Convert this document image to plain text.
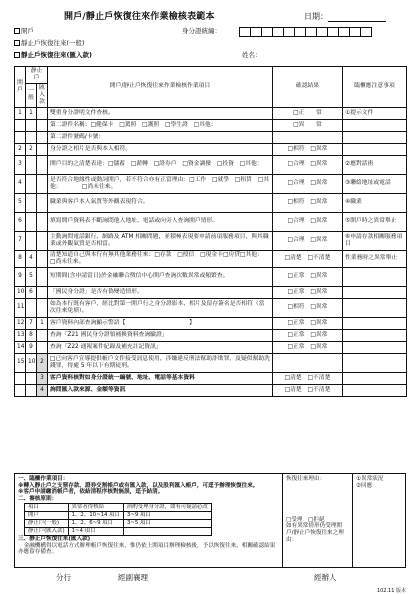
開戶/靜止戶恢復往來作業檢核表範本	日期：
開戶	身分證統編：
靜止戶恢復往來(一般)
靜止戶恢復往來(匯入款)	姓名：
開戶	靜止戶		開戶/靜止戶恢復往來作業檢核作業項目	確認結果	臨櫃應注意事項
	一般	匯入款			
1	1		雙重身分證明文件查核。	□正　　常	①提示文件
			第二證件名稱：□健保卡　□駕照　□護照　□學生證　□其他：	□異　　常	
			第二證件號碼/卡號：		
2	2		身分證之相片是否與本人相符。	□相符　□異常	
3			開戶目的之清楚表達：□儲蓄　□薪轉　□證券戶　□資金調撥　□投資　□其他：	□合理　□異常	②應對話術
4			是否符合地緣性或動詞開戶，若不符合亦有正當理由：□工作　□就學　□租賃　□其他：　　　　□尚未往來。	□合理　□異常	③聯絡地址或電話
5			職業與客戶本人氣質等外觀表現符合。	□相符　□異常	④職業
6			填寫開戶資料表不斷詢問他人地址、電話或向旁人查詢開戶情形。	□合理　□異常	⑤開戶時之異常舉止
7			主動詢問電話銀行、網路及 ATM 相關問題，並積極表現要申請前項服務項目，與其職業或外觀氣質是否相當。	□合理　□異常	⑥申請存款相關服務項目
8	4		清楚知道自己與本行有無其他業務往來：□存款　□授信　□現金卡□房貸□其他：　　　□尚未往來。	□清楚　□不清楚	性業務時之異常舉止
9	5		短期間(含申請當日)於金融聯合徵信中心開戶查詢次數異常或頻繁查。	□正常　□異常	
10	6		「國民身分證」是否有偽變造情形。	□正常　□異常	
11			如為本行既有客戶，經比對第一開戶行之身分證影本、相片及留存簽名是否相符（當次往來免填）。	□相符　□異常	
12	7	1	客戶資料內部查詢顯示警語【　　　　　　　　　　　】	□正常　□異常	
13	8		查詢「Z21 國民身分證領補換資料查詢驗證」	□正常　□異常	
14	9		查詢「Z22 通報案件紀錄及補充註記資訊」	□正常　□異常	
15	10	2	□已向客戶宣導提供帳戶文件接受訊息使用，涉嫌違反刑法幫助詐欺罪，及疑似幫助洗錢罪，得處 5 年以下有期徒刑。		
		3	客戶資料核對如身分證統一編號、地址、電話等基本資料	□清楚　□不清楚	
		4	詢問匯入款來源、金額等資訊	□清楚　□不清楚	
一、臨櫃作業項目：
※轉入靜止戶之支票存款、證券交割帳戶或有匯入款，以及股利匯入帳戶，可逕予辦理恢復往來。
※客戶申請繳消帳戶者，依結清程序核對無誤，逕予結清。
二、審核原則：
項目	異常者得核結	斟酌受理身分證，如有可疑請必改
開戶	1、2、10~14 項目	3~9 項目
靜止戶(一般)	1、2、6~9 項目	3~5 項目
靜止戶(匯入款)	1~4 項目	
三、靜止戶恢復往來(匯入款)
　金融機構得以電話方式辦理帳戶恢復往來，惟仍依上開項目辦理檢核後，予以恢復往來，相關確認結果亦應留存備查。
恢復往來理由：
□受理　□拒絕
如有異常情形仍受理開戶/靜止戶恢復往來之理由：
①異常狀況
②回應
分行	經副襄理	經辦人
102.11 版本
